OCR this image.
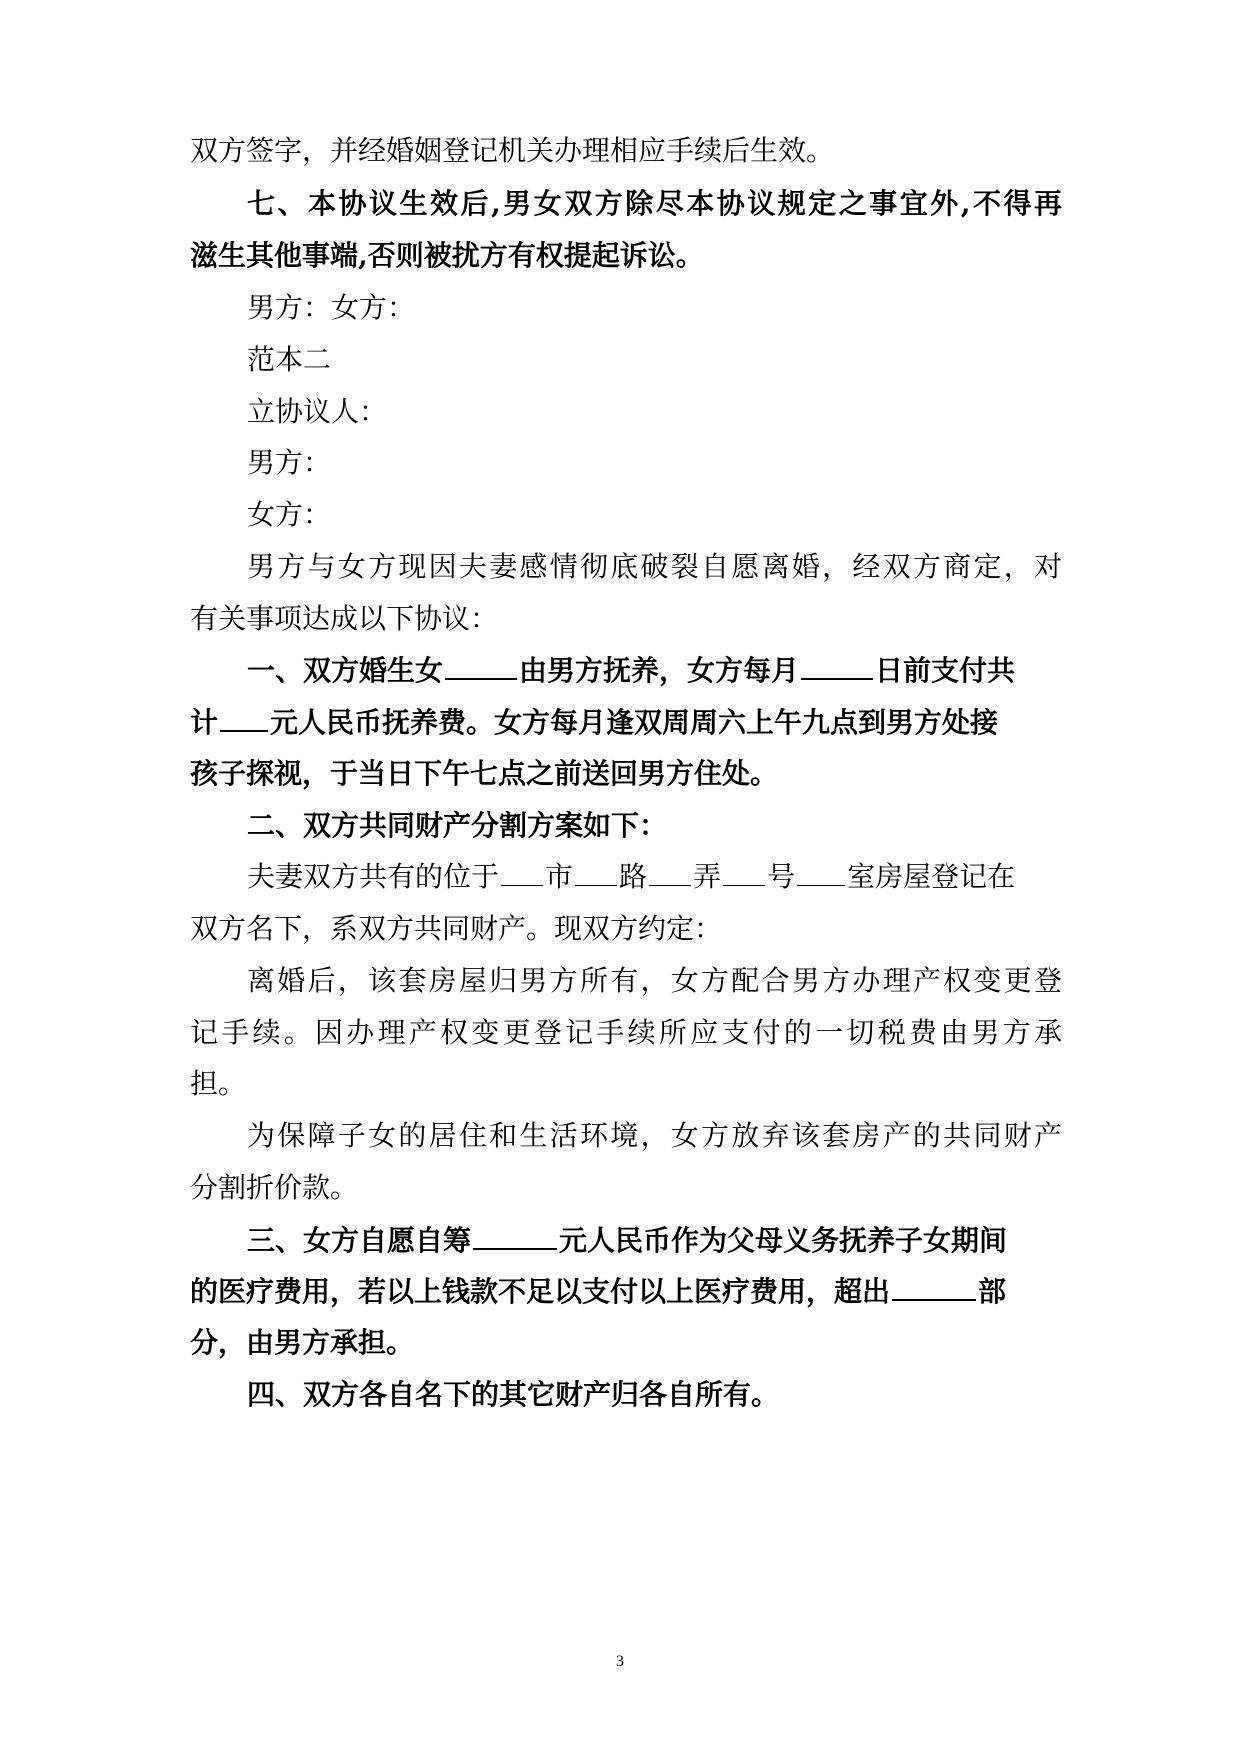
双方签字，并经婚姻登记机关办理相应手续后生效。
七、本协议生效后,男女双方除尽本协议规定之事宜外,不得再
滋生其他事端,否则被扰方有权提起诉讼。
男方：女方：
范本二
立协议人：
男方：
女方：
男方与女方现因夫妻感情彻底破裂自愿离婚，经双方商定，对
有关事项达成以下协议：
一、双方婚生女	由男方抚养，女方每月	日前支付共
计 元人民币抚养费。女方每月逢双周周六上午九点到男方处接
孩子探视，于当日下午七点之前送回男方住处。
二、双方共同财产分割方案如下：
夫妻双方共有的位于 市 路 弄 号 室房屋登记在
双方名下，系双方共同财产。现双方约定：
离婚后，该套房屋归男方所有，女方配合男方办理产权变更登
记手续。因办理产权变更登记手续所应支付的一切税费由男方承
担。
为保障子女的居住和生活环境，女方放弃该套房产的共同财产
分割折价款。
三、女方自愿自筹	元人民币作为父母义务抚养子女期间
的医疗费用，若以上钱款不足以支付以上医疗费用，超出	部
分，由男方承担。
四、双方各自名下的其它财产归各自所有。
3
